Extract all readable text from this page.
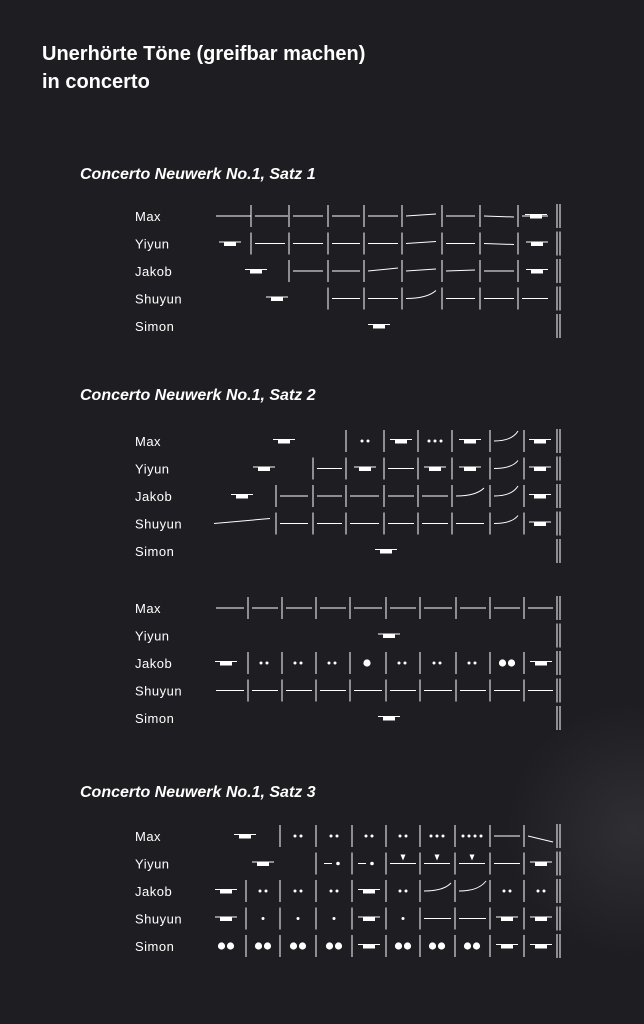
Unerhörte Töne (greifbar machen)
in concerto
Concerto Neuwerk No.1, Satz 1
Max
Yiyun
Jakob
Shuyun
Simon
Concerto Neuwerk No.1, Satz 2
Max
Yiyun
Jakob
Shuyun
Simon
Max
Yiyun
Jakob
Shuyun
Simon
Concerto Neuwerk No.1, Satz 3
Max
Yiyun
Jakob
Shuyun
Simon
